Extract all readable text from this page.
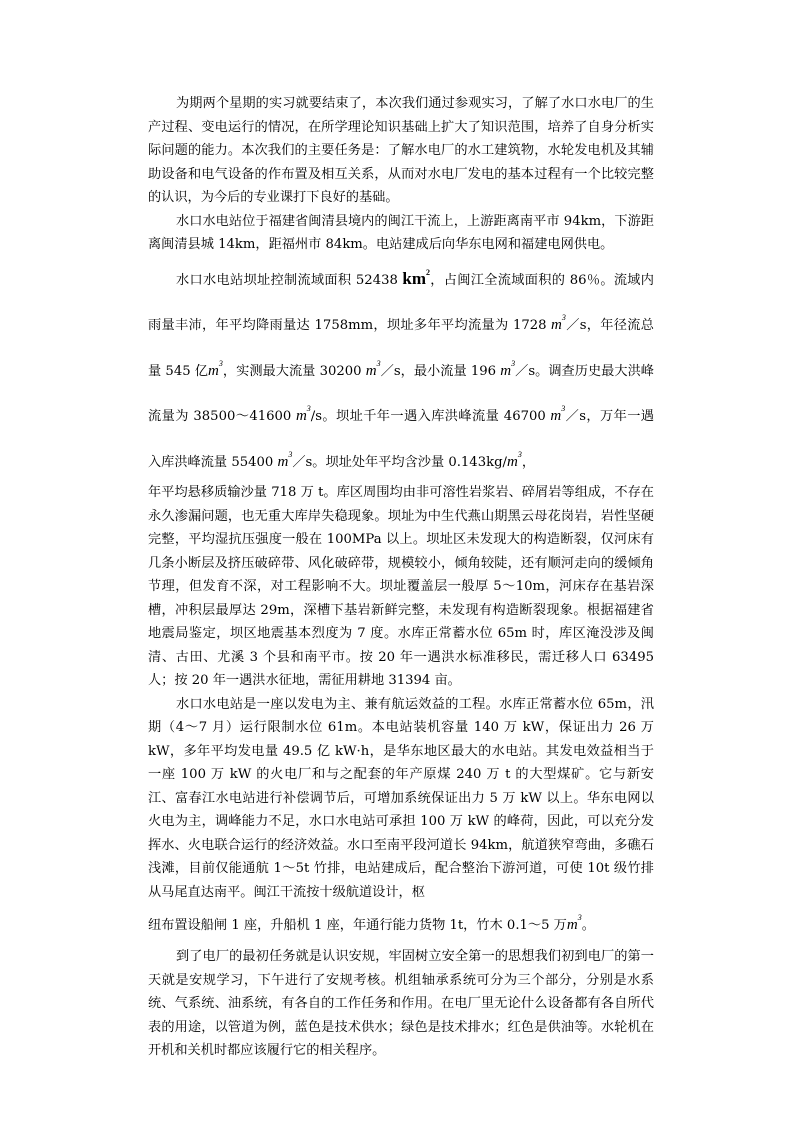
为期两个星期的实习就要结束了，本次我们通过参观实习，了解了水口水电厂的生产过程、变电运行的情况，在所学理论知识基础上扩大了知识范围，培养了自身分析实际问题的能力。本次我们的主要任务是：了解水电厂的水工建筑物，水轮发电机及其辅助设备和电气设备的作布置及相互关系，从而对水电厂发电的基本过程有一个比较完整的认识，为今后的专业课打下良好的基础。

水口水电站位于福建省闽清县境内的闽江干流上，上游距离南平市 94km，下游距离闽清县城 14km，距福州市 84km。电站建成后向华东电网和福建电网供电。

水口水电站坝址控制流域面积 52438 $km^2$，占闽江全流域面积的 86％。流域内雨量丰沛，年平均降雨量达 1758mm，坝址多年平均流量为 1728 $m^3/s$，年径流总量 545 亿$m^3$，实测最大流量 30200 $m^3/s$，最小流量 196 $m^3/s$。调查历史最大洪峰流量为 38500～41600 $m^3/s$。坝址千年一遇入库洪峰流量 46700 $m^3/s$，万年一遇入库洪峰流量 55400 $m^3/s$。坝址处年平均含沙量 $0.143kg/m^3$，

年平均悬移质输沙量 718 万 t。库区周围均由非可溶性岩浆岩、碎屑岩等组成，不存在永久渗漏问题，也无重大库岸失稳现象。坝址为中生代燕山期黑云母花岗岩，岩性坚硬完整，平均湿抗压强度一般在 100MPa 以上。坝址区未发现大的构造断裂，仅河床有几条小断层及挤压破碎带、风化破碎带，规模较小，倾角较陡，还有顺河走向的缓倾角节理，但发育不深，对工程影响不大。坝址覆盖层一般厚 5～10m，河床存在基岩深槽，冲积层最厚达 29m，深槽下基岩新鲜完整，未发现有构造断裂现象。根据福建省地震局鉴定，坝区地震基本烈度为 7 度。水库正常蓄水位 65m 时，库区淹没涉及闽清、古田、尤溪 3 个县和南平市。按 20 年一遇洪水标准移民，需迁移人口 63495 人；按 20 年一遇洪水征地，需征用耕地 31394 亩。

水口水电站是一座以发电为主、兼有航运效益的工程。水库正常蓄水位 65m，汛期（4～7 月）运行限制水位 61m。本电站装机容量 140 万 kW，保证出力 26 万 kW，多年平均发电量 49.5 亿 kW·h，是华东地区最大的水电站。其发电效益相当于一座 100 万 kW 的火电厂和与之配套的年产原煤 240 万 t 的大型煤矿。它与新安江、富春江水电站进行补偿调节后，可增加系统保证出力 5 万 kW 以上。华东电网以火电为主，调峰能力不足，水口水电站可承担 100 万 kW 的峰荷，因此，可以充分发挥水、火电联合运行的经济效益。水口至南平段河道长 94km，航道狭窄弯曲，多礁石浅滩，目前仅能通航 1～5t 竹排，电站建成后，配合整治下游河道，可使 10t 级竹排从马尾直达南平。闽江干流按十级航道设计，枢

纽布置设船闸 1 座，升船机 1 座，年通行能力货物 1t，竹木 0.1～5 万$m^3$。

到了电厂的最初任务就是认识安规，牢固树立安全第一的思想我们初到电厂的第一天就是安规学习，下午进行了安规考核。机组轴承系统可分为三个部分，分别是水系统、气系统、油系统，有各自的工作任务和作用。在电厂里无论什么设备都有各自所代表的用途，以管道为例，蓝色是技术供水；绿色是技术排水；红色是供油等。水轮机在开机和关机时都应该履行它的相关程序。
